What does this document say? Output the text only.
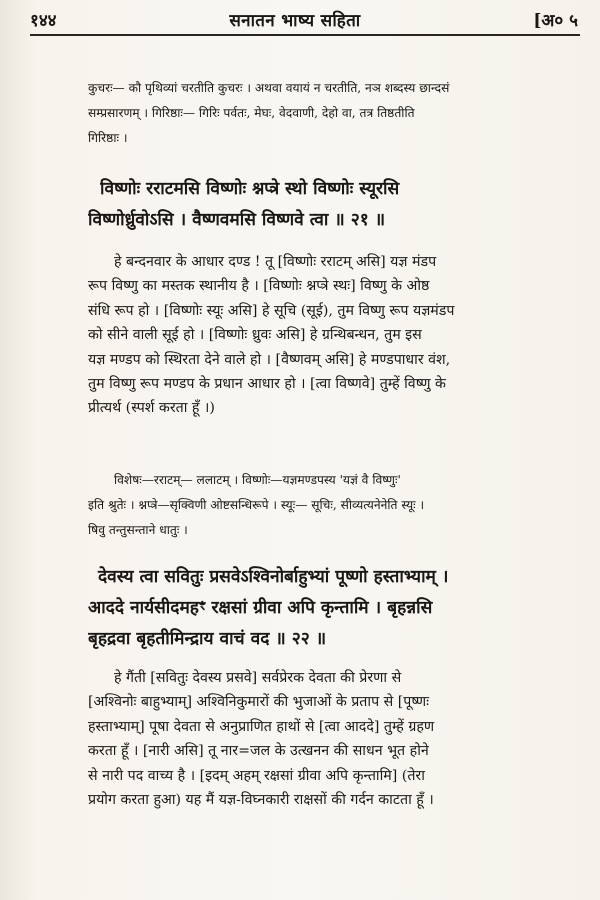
१४४	सनातन भाष्य सहिता	[अ० ५
कुचरः— कौ पृथिव्यां चरतीति कुचरः । अथवा वयायं न चरतीति, नञ शब्दस्य छान्दसं
सम्प्रसारणम् । गिरिष्ठाः— गिरिः पर्वतः, मेघः, वेदवाणी, देहो वा, तत्र तिष्ठतीति
गिरिष्ठाः ।
विष्णोः रराटमसि विष्णोः श्नप्त्रे स्थो विष्णोः स्यूरसि
विष्णोर्ध्रुवोऽसि । वैष्णवमसि विष्णवे त्वा ॥ २१ ॥
हे बन्दनवार के आधार दण्ड ! तू [विष्णोः रराटम् असि] यज्ञ मंडप
रूप विष्णु का मस्तक स्थानीय है । [विष्णोः श्नप्त्रे स्थः] विष्णु के ओष्ठ
संधि रूप हो । [विष्णोः स्यूः असि] हे सूचि (सूई), तुम विष्णु रूप यज्ञमंडप
को सीने वाली सूई हो । [विष्णोः ध्रुवः असि] हे ग्रन्थिबन्धन, तुम इस
यज्ञ मण्डप को स्थिरता देने वाले हो । [वैष्णवम् असि] हे मण्डपाधार वंश,
तुम विष्णु रूप मण्डप के प्रधान आधार हो । [त्वा विष्णवे] तुम्हें विष्णु के
प्रीत्यर्थ (स्पर्श करता हूँ ।)
विशेषः—रराटम्— ललाटम् । विष्णोः—यज्ञमण्डपस्य 'यज्ञं वै विष्णुः'
इति श्रुतेः । श्नप्त्रे—सृक्विणी ओष्टसन्धिरूपे । स्यूः— सूचिः, सीव्यत्यनेनेति स्यूः ।
षिवु तन्तुसन्ताने धातुः ।
देवस्य त्वा सवितुः प्रसवेऽश्विनोर्बाहुभ्यां पूष्णो हस्ताभ्याम् ।
आददे नार्यसीदमहꣳ रक्षसां ग्रीवा अपि कृन्तामि । बृहन्नसि
बृहद्रवा बृहतीमिन्द्राय वाचं वद ॥ २२ ॥
हे गैंती [सवितुः देवस्य प्रसवे] सर्वप्रेरक देवता की प्रेरणा से
[अश्विनोः बाहुभ्याम्] अश्विनिकुमारों की भुजाओं के प्रताप से [पूष्णः
हस्ताभ्याम्] पूषा देवता से अनुप्राणित हाथों से [त्वा आददे] तुम्हें ग्रहण
करता हूँ । [नारी असि] तू नार=जल के उत्खनन की साधन भूत होने
से नारी पद वाच्य है । [इदम् अहम् रक्षसां ग्रीवा अपि कृन्तामि] (तेरा
प्रयोग करता हुआ) यह मैं यज्ञ-विघ्नकारी राक्षसों की गर्दन काटता हूँ ।
